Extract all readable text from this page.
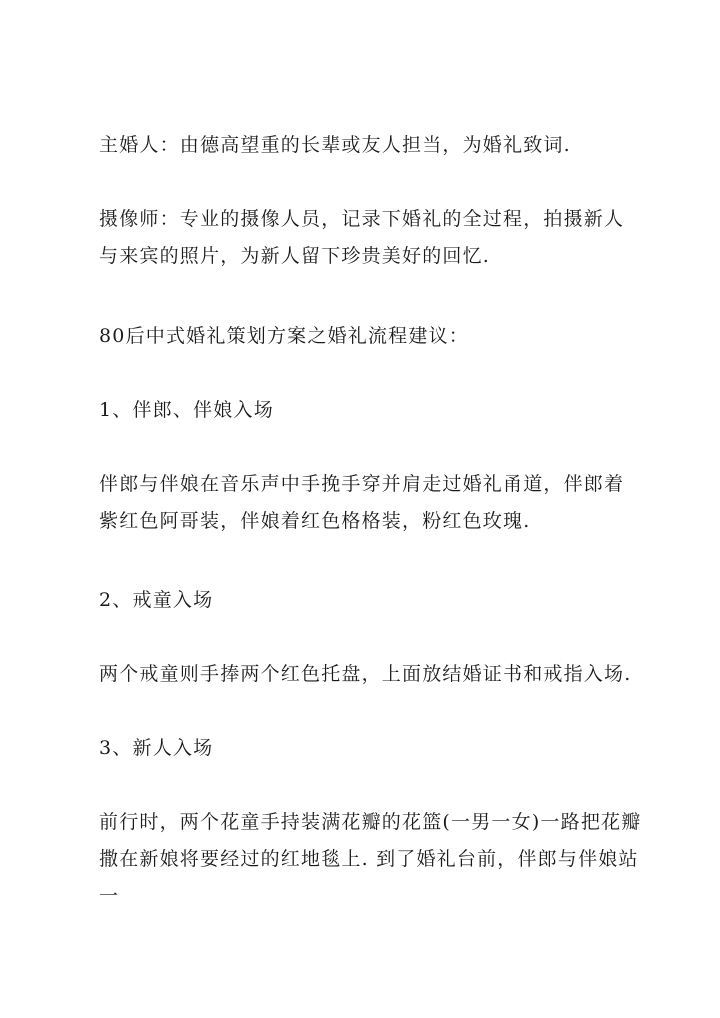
主婚人：由德高望重的长辈或友人担当，为婚礼致词.

摄像师：专业的摄像人员，记录下婚礼的全过程，拍摄新人与来宾的照片，为新人留下珍贵美好的回忆.

80后中式婚礼策划方案之婚礼流程建议：

1、伴郎、伴娘入场

伴郎与伴娘在音乐声中手挽手穿并肩走过婚礼甬道，伴郎着紫红色阿哥装，伴娘着红色格格装，粉红色玫瑰.

2、戒童入场

两个戒童则手捧两个红色托盘，上面放结婚证书和戒指入场.

3、新人入场

前行时，两个花童手持装满花瓣的花篮(一男一女)一路把花瓣撒在新娘将要经过的红地毯上. 到了婚礼台前，伴郎与伴娘站一
